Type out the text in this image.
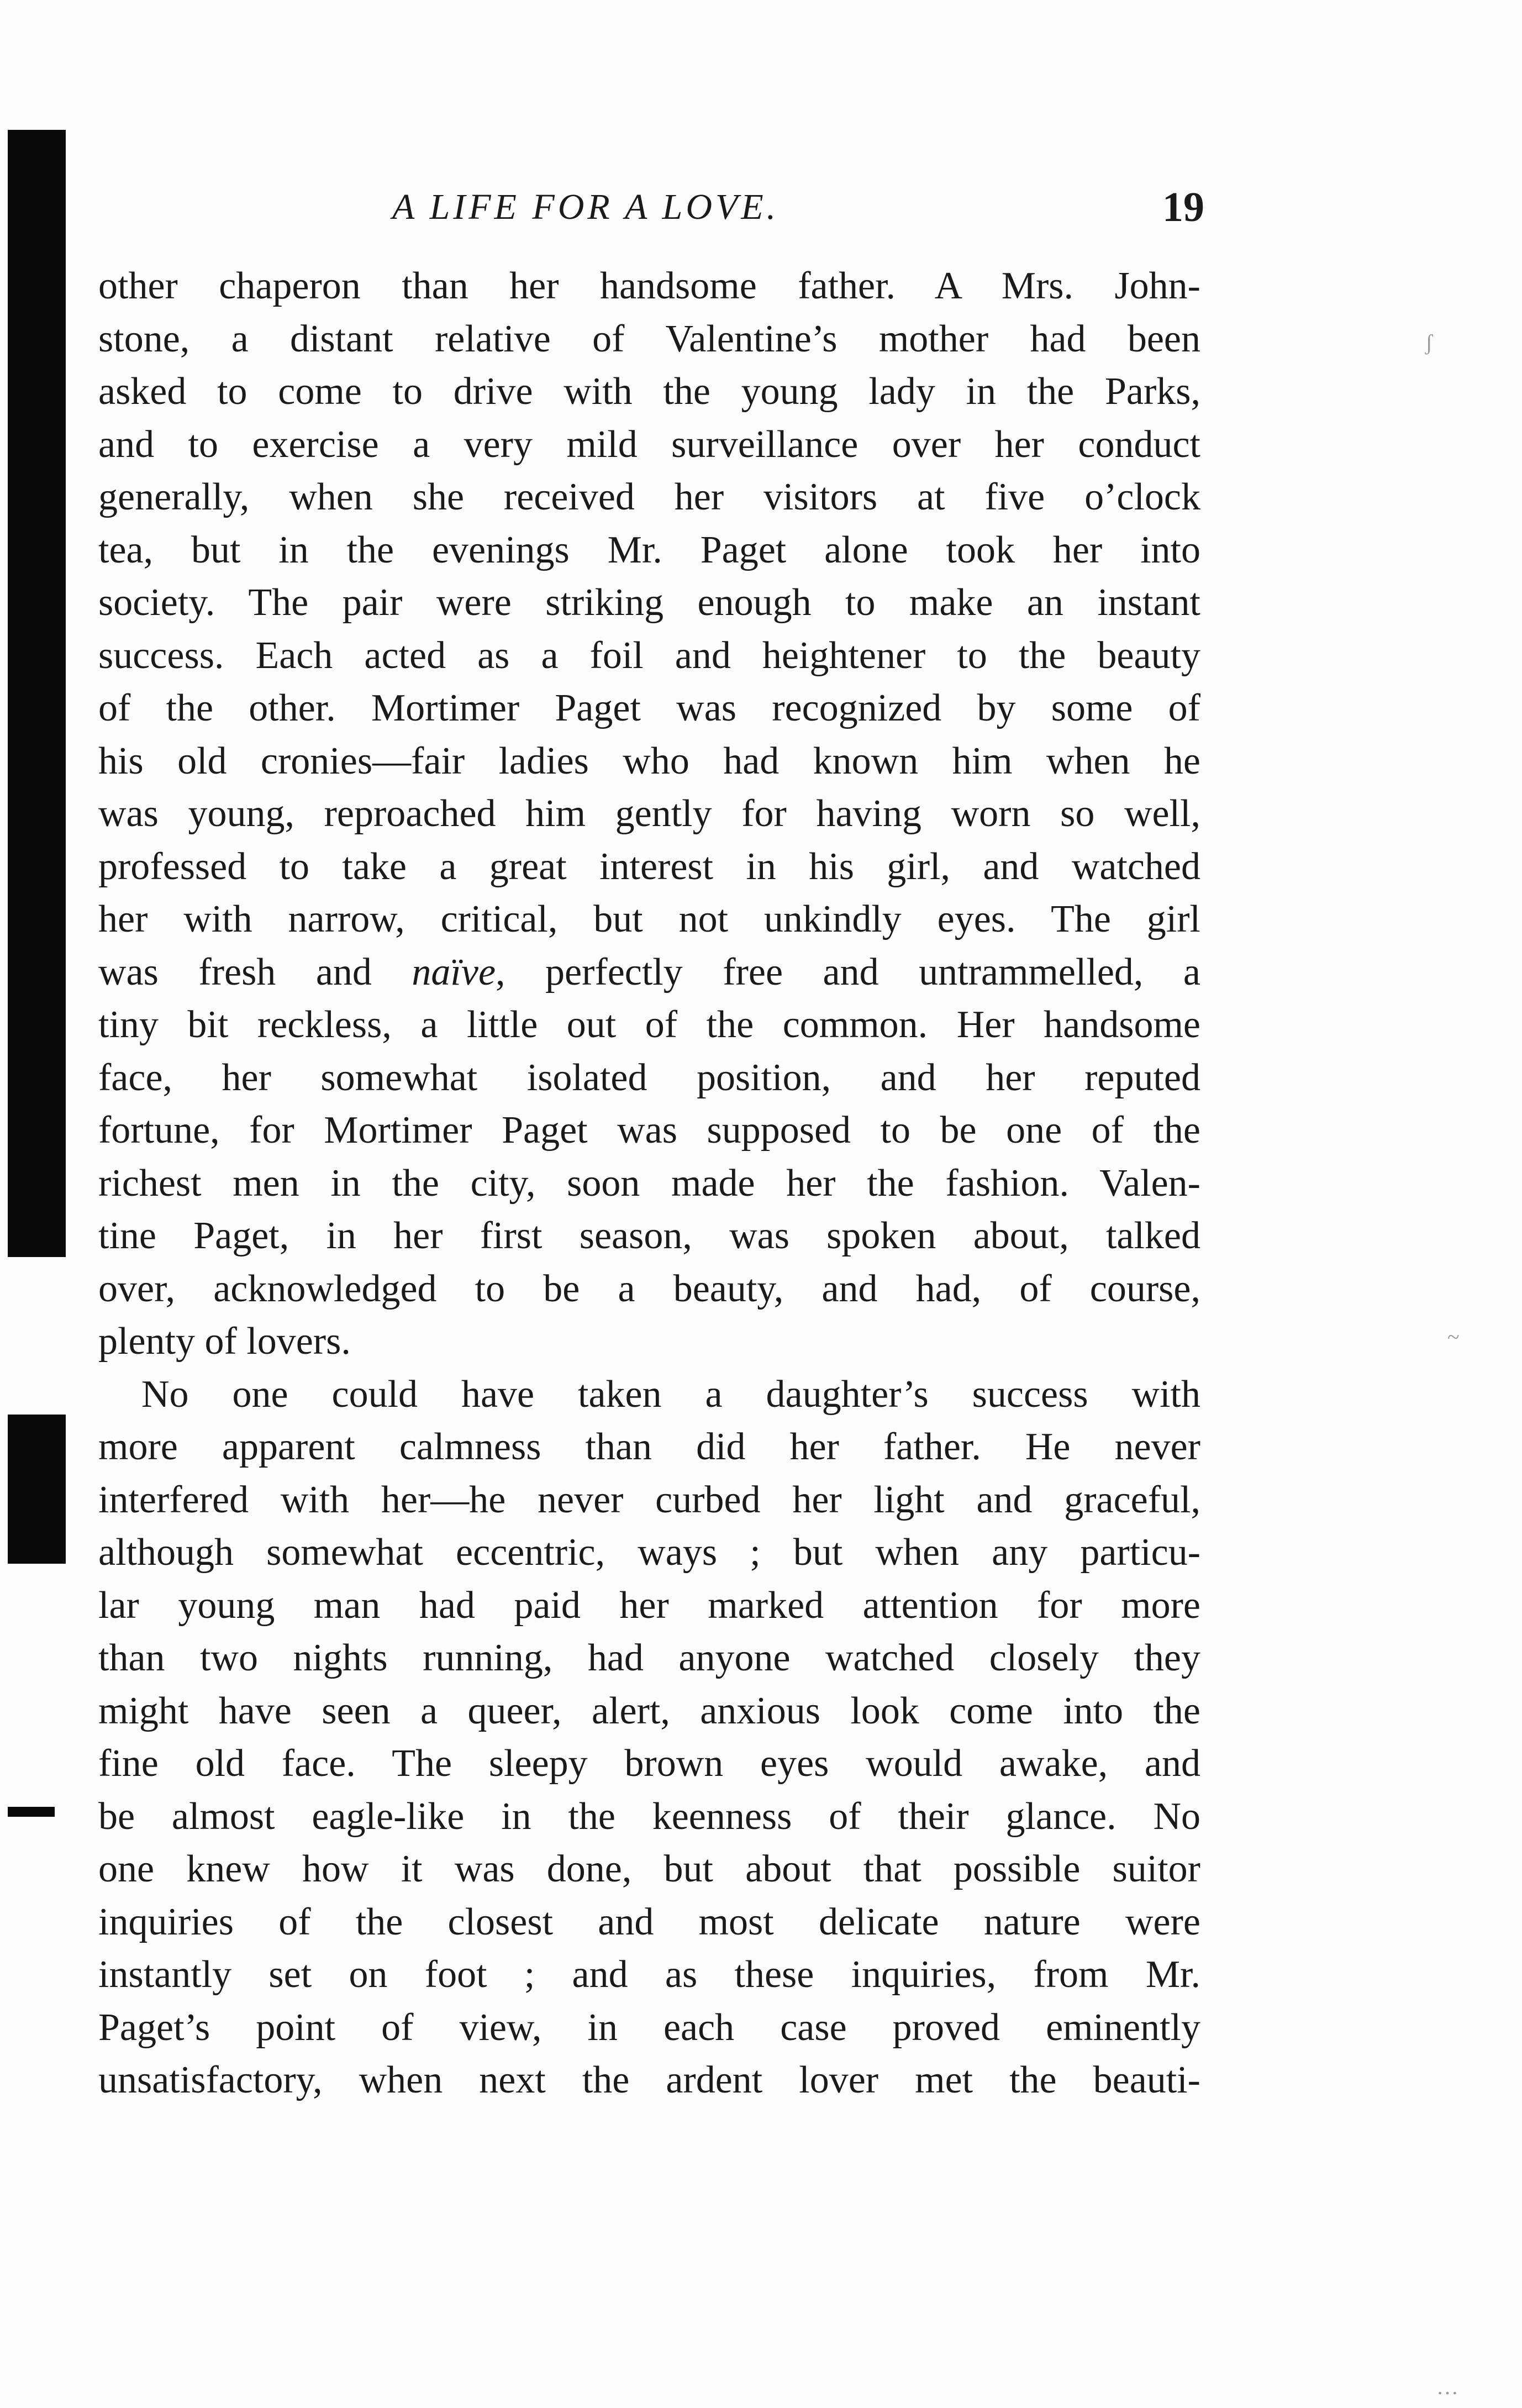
ʃ
~
…
A LIFE FOR A LOVE.	19
other chaperon than her handsome father. A Mrs. John-
stone, a distant relative of Valentine’s mother had been
asked to come to drive with the young lady in the Parks,
and to exercise a very mild surveillance over her conduct
generally, when she received her visitors at five o’clock
tea, but in the evenings Mr. Paget alone took her into
society. The pair were striking enough to make an instant
success. Each acted as a foil and heightener to the beauty
of the other. Mortimer Paget was recognized by some of
his old cronies—fair ladies who had known him when he
was young, reproached him gently for having worn so well,
professed to take a great interest in his girl, and watched
her with narrow, critical, but not unkindly eyes. The girl
was fresh and naïve, perfectly free and untrammelled, a
tiny bit reckless, a little out of the common. Her handsome
face, her somewhat isolated position, and her reputed
fortune, for Mortimer Paget was supposed to be one of the
richest men in the city, soon made her the fashion. Valen-
tine Paget, in her first season, was spoken about, talked
over, acknowledged to be a beauty, and had, of course,
plenty of lovers.
No one could have taken a daughter’s success with
more apparent calmness than did her father. He never
interfered with her—he never curbed her light and graceful,
although somewhat eccentric, ways ; but when any particu-
lar young man had paid her marked attention for more
than two nights running, had anyone watched closely they
might have seen a queer, alert, anxious look come into the
fine old face. The sleepy brown eyes would awake, and
be almost eagle-like in the keenness of their glance. No
one knew how it was done, but about that possible suitor
inquiries of the closest and most delicate nature were
instantly set on foot ; and as these inquiries, from Mr.
Paget’s point of view, in each case proved eminently
unsatisfactory, when next the ardent lover met the beauti-
